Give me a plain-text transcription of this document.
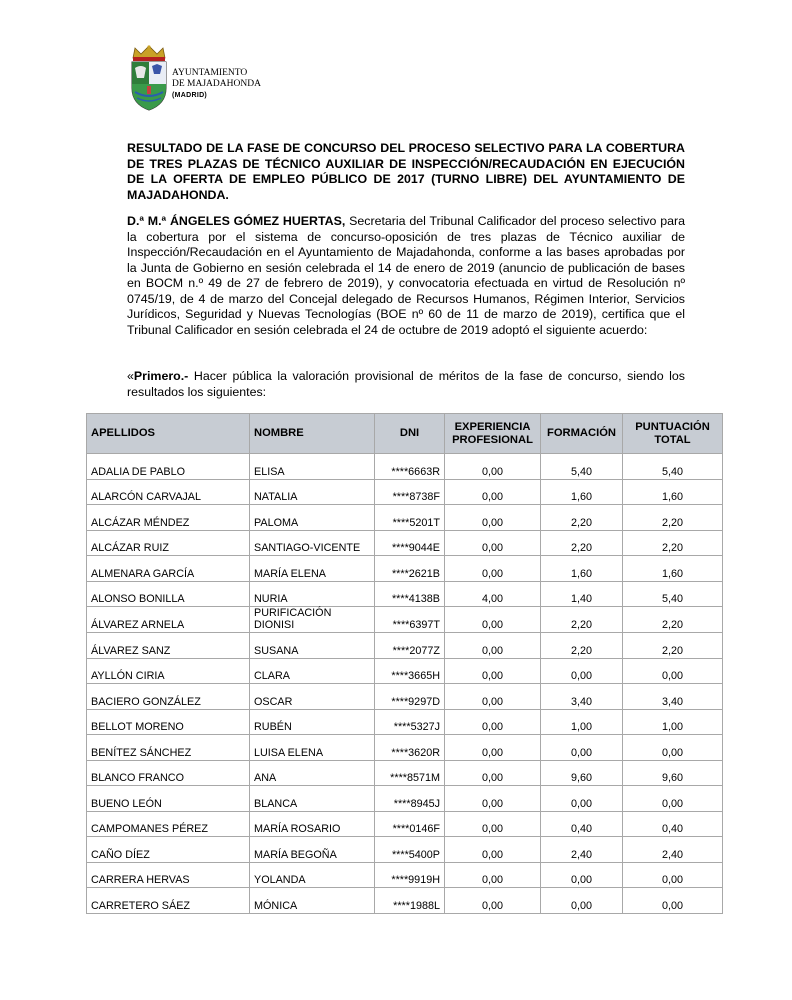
AYUNTAMIENTO
DE MAJADAHONDA
(MADRID)
RESULTADO DE LA FASE DE CONCURSO DEL PROCESO SELECTIVO PARA LA COBERTURA DE TRES PLAZAS DE TÉCNICO AUXILIAR DE INSPECCIÓN/RECAUDACIÓN EN EJECUCIÓN DE LA OFERTA DE EMPLEO PÚBLICO DE 2017 (TURNO LIBRE) DEL AYUNTAMIENTO DE MAJADAHONDA.
D.ª M.ª ÁNGELES GÓMEZ HUERTAS, Secretaria del Tribunal Calificador del proceso selectivo para la cobertura por el sistema de concurso-oposición de tres plazas de Técnico auxiliar de Inspección/Recaudación en el Ayuntamiento de Majadahonda, conforme a las bases aprobadas por la Junta de Gobierno en sesión celebrada el 14 de enero de 2019 (anuncio de publicación de bases en BOCM n.º 49 de 27 de febrero de 2019), y convocatoria efectuada en virtud de Resolución nº 0745/19, de 4 de marzo del Concejal delegado de Recursos Humanos, Régimen Interior, Servicios Jurídicos, Seguridad y Nuevas Tecnologías (BOE nº 60 de 11 de marzo de 2019), certifica que el Tribunal Calificador en sesión celebrada el 24 de octubre de 2019 adoptó el siguiente acuerdo:
«Primero.- Hacer pública la valoración provisional de méritos de la fase de concurso, siendo los resultados los siguientes:
APELLIDOS	NOMBRE	DNI	EXPERIENCIA PROFESIONAL	FORMACIÓN	PUNTUACIÓN TOTAL
ADALIA DE PABLO	ELISA	****6663R	0,00	5,40	5,40
ALARCÓN CARVAJAL	NATALIA	****8738F	0,00	1,60	1,60
ALCÁZAR MÉNDEZ	PALOMA	****5201T	0,00	2,20	2,20
ALCÁZAR RUIZ	SANTIAGO-VICENTE	****9044E	0,00	2,20	2,20
ALMENARA GARCÍA	MARÍA ELENA	****2621B	0,00	1,60	1,60
ALONSO BONILLA	NURIA	****4138B	4,00	1,40	5,40
ÁLVAREZ ARNELA	PURIFICACIÓN DIONISI	****6397T	0,00	2,20	2,20
ÁLVAREZ SANZ	SUSANA	****2077Z	0,00	2,20	2,20
AYLLÓN CIRIA	CLARA	****3665H	0,00	0,00	0,00
BACIERO GONZÁLEZ	OSCAR	****9297D	0,00	3,40	3,40
BELLOT MORENO	RUBÉN	****5327J	0,00	1,00	1,00
BENÍTEZ SÁNCHEZ	LUISA ELENA	****3620R	0,00	0,00	0,00
BLANCO FRANCO	ANA	****8571M	0,00	9,60	9,60
BUENO LEÓN	BLANCA	****8945J	0,00	0,00	0,00
CAMPOMANES PÉREZ	MARÍA ROSARIO	****0146F	0,00	0,40	0,40
CAÑO DÍEZ	MARÍA BEGOÑA	****5400P	0,00	2,40	2,40
CARRERA HERVAS	YOLANDA	****9919H	0,00	0,00	0,00
CARRETERO SÁEZ	MÓNICA	****1988L	0,00	0,00	0,00
